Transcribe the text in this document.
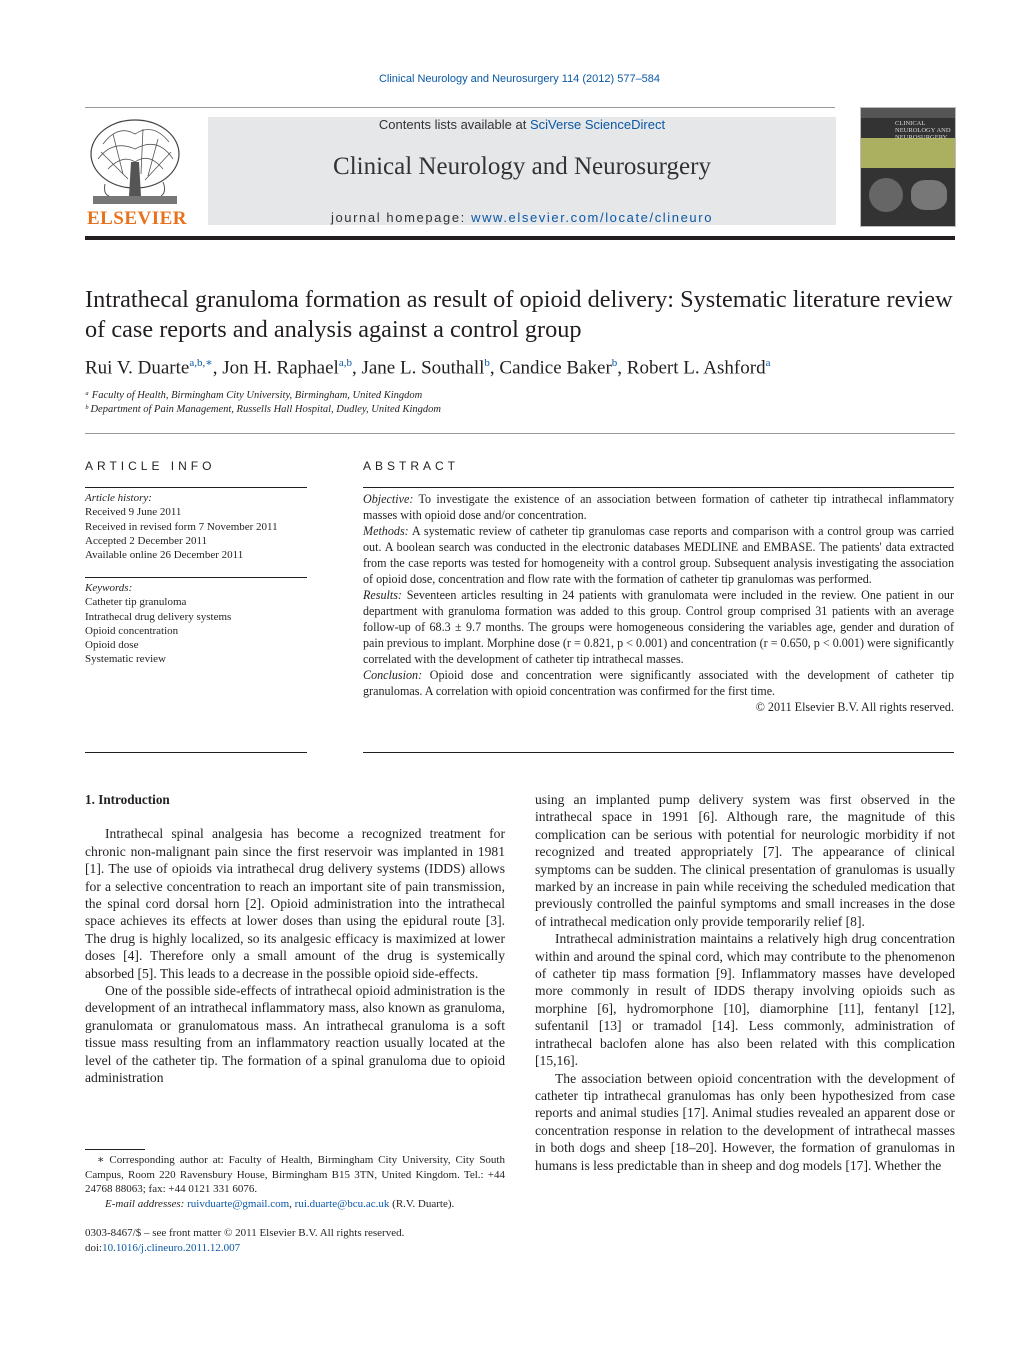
Clinical Neurology and Neurosurgery 114 (2012) 577–584
ELSEVIER
Contents lists available at SciVerse ScienceDirect
Clinical Neurology and Neurosurgery
journal homepage: www.elsevier.com/locate/clineuro
CLINICAL NEUROLOGY AND
Intrathecal granuloma formation as result of opioid delivery: Systematic literature review of case reports and analysis against a control group
Rui V. Duarte$^{a,b,∗}$, Jon H. Raphael$^{a,b}$, Jane L. Southall$^b$, Candice Baker$^b$, Robert L. Ashford$^a$
ᵃ Faculty of Health, Birmingham City University, Birmingham, United Kingdom
ᵇ Department of Pain Management, Russells Hall Hospital, Dudley, United Kingdom
ARTICLE INFO
Article history:
Received 9 June 2011
Received in revised form 7 November 2011
Accepted 2 December 2011
Available online 26 December 2011
Keywords:
Catheter tip granuloma
Intrathecal drug delivery systems
Opioid concentration
Opioid dose
Systematic review
ABSTRACT

Objective: To investigate the existence of an association between formation of catheter tip intrathecal inflammatory masses with opioid dose and/or concentration.

Methods: A systematic review of catheter tip granulomas case reports and comparison with a control group was carried out. A boolean search was conducted in the electronic databases MEDLINE and EMBASE. The patients' data extracted from the case reports was tested for homogeneity with a control group. Subsequent analysis investigating the association of opioid dose, concentration and flow rate with the formation of catheter tip granulomas was performed.

Results: Seventeen articles resulting in 24 patients with granulomata were included in the review. One patient in our department with granuloma formation was added to this group. Control group comprised 31 patients with an average follow-up of 68.3 ± 9.7 months. The groups were homogeneous considering the variables age, gender and duration of pain previous to implant. Morphine dose (r = 0.821, p < 0.001) and concentration (r = 0.650, p < 0.001) were significantly correlated with the development of catheter tip intrathecal masses.

Conclusion: Opioid dose and concentration were significantly associated with the development of catheter tip granulomas. A correlation with opioid concentration was confirmed for the first time.

© 2011 Elsevier B.V. All rights reserved.

1. Introduction

Intrathecal spinal analgesia has become a recognized treatment for chronic non-malignant pain since the first reservoir was implanted in 1981 [1]. The use of opioids via intrathecal drug delivery systems (IDDS) allows for a selective concentration to reach an important site of pain transmission, the spinal cord dorsal horn [2]. Opioid administration into the intrathecal space achieves its effects at lower doses than using the epidural route [3]. The drug is highly localized, so its analgesic efficacy is maximized at lower doses [4]. Therefore only a small amount of the drug is systemically absorbed [5]. This leads to a decrease in the possible opioid side-effects.

One of the possible side-effects of intrathecal opioid administration is the development of an intrathecal inflammatory mass, also known as granuloma, granulomata or granulomatous mass. An intrathecal granuloma is a soft tissue mass resulting from an inflammatory reaction usually located at the level of the catheter tip. The formation of a spinal granuloma due to opioid administration

using an implanted pump delivery system was first observed in the intrathecal space in 1991 [6]. Although rare, the magnitude of this complication can be serious with potential for neurologic morbidity if not recognized and treated appropriately [7]. The appearance of clinical symptoms can be sudden. The clinical presentation of granulomas is usually marked by an increase in pain while receiving the scheduled medication that previously controlled the painful symptoms and small increases in the dose of intrathecal medication only provide temporarily relief [8].

Intrathecal administration maintains a relatively high drug concentration within and around the spinal cord, which may contribute to the phenomenon of catheter tip mass formation [9]. Inflammatory masses have developed more commonly in result of IDDS therapy involving opioids such as morphine [6], hydromorphone [10], diamorphine [11], fentanyl [12], sufentanil [13] or tramadol [14]. Less commonly, administration of intrathecal baclofen alone has also been related with this complication [15,16].

The association between opioid concentration with the development of catheter tip intrathecal granulomas has only been hypothesized from case reports and animal studies [17]. Animal studies revealed an apparent dose or concentration response in relation to the development of intrathecal masses in both dogs and sheep [18–20]. However, the formation of granulomas in humans is less predictable than in sheep and dog models [17]. Whether the

∗ Corresponding author at: Faculty of Health, Birmingham City University, City South Campus, Room 220 Ravensbury House, Birmingham B15 3TN, United Kingdom. Tel.: +44 24768 88063; fax: +44 0121 331 6076.
E-mail addresses: ruivduarte@gmail.com, rui.duarte@bcu.ac.uk (R.V. Duarte).
0303-8467/$ – see front matter © 2011 Elsevier B.V. All rights reserved.
doi:10.1016/j.clineuro.2011.12.007
